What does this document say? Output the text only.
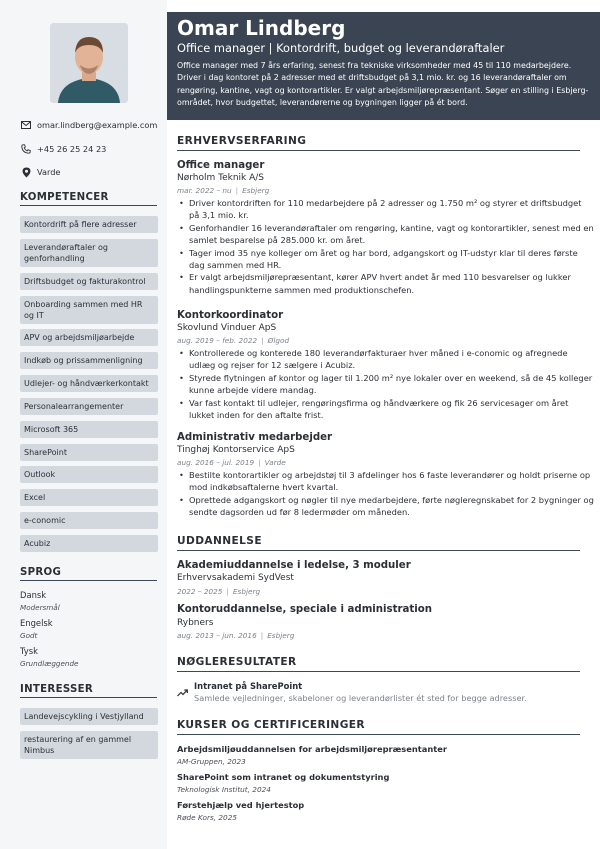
omar.lindberg@example.com
+45 26 25 24 23
Varde
KOMPETENCER
Kontordrift på flere adresser
Leverandøraftaler og genforhandling
Driftsbudget og fakturakontrol
Onboarding sammen med HR og IT
APV og arbejdsmiljøarbejde
Indkøb og prissammenligning
Udlejer- og håndværkerkontakt
Personalearrangementer
Microsoft 365
SharePoint
Outlook
Excel
e-conomic
Acubiz
SPROG
Dansk
Modersmål
Engelsk
Godt
Tysk
Grundlæggende
INTERESSER
Landevejscykling i Vestjylland
restaurering af en gammel Nimbus
Omar Lindberg
Office manager | Kontordrift, budget og leverandøraftaler
Office manager med 7 års erfaring, senest fra tekniske virksomheder med 45 til 110 medarbejdere. Driver i dag kontoret på 2 adresser med et driftsbudget på 3,1 mio. kr. og 16 leverandøraftaler om rengøring, kantine, vagt og kontorartikler. Er valgt arbejdsmiljørepræsentant. Søger en stilling i Esbjerg-området, hvor budgettet, leverandørerne og bygningen ligger på ét bord.
ERHVERVSERFARING
Office manager
Nørholm Teknik A/S
mar. 2022 – nu | Esbjerg
• Driver kontordriften for 110 medarbejdere på 2 adresser og 1.750 m² og styrer et driftsbudget på 3,1 mio. kr.
• Genforhandler 16 leverandøraftaler om rengøring, kantine, vagt og kontorartikler, senest med en samlet besparelse på 285.000 kr. om året.
• Tager imod 35 nye kolleger om året og har bord, adgangskort og IT-udstyr klar til deres første dag sammen med HR.
• Er valgt arbejdsmiljørepræsentant, kører APV hvert andet år med 110 besvarelser og lukker handlingspunkterne sammen med produktionschefen.
Kontorkoordinator
Skovlund Vinduer ApS
aug. 2019 – feb. 2022 | Ølgod
• Kontrollerede og konterede 180 leverandørfakturaer hver måned i e-conomic og afregnede udlæg og rejser for 12 sælgere i Acubiz.
• Styrede flytningen af kontor og lager til 1.200 m² nye lokaler over en weekend, så de 45 kolleger kunne arbejde videre mandag.
• Var fast kontakt til udlejer, rengøringsfirma og håndværkere og fik 26 servicesager om året lukket inden for den aftalte frist.
Administrativ medarbejder
Tinghøj Kontorservice ApS
aug. 2016 – jul. 2019 | Varde
• Bestilte kontorartikler og arbejdstøj til 3 afdelinger hos 6 faste leverandører og holdt priserne op mod indkøbsaftalerne hvert kvartal.
• Oprettede adgangskort og nøgler til nye medarbejdere, førte nøgleregnskabet for 2 bygninger og sendte dagsorden ud før 8 ledermøder om måneden.
UDDANNELSE
Akademiuddannelse i ledelse, 3 moduler
Erhvervsakademi SydVest
2022 – 2025 | Esbjerg
Kontoruddannelse, speciale i administration
Rybners
aug. 2013 – jun. 2016 | Esbjerg
NØGLERESULTATER
Intranet på SharePoint
Samlede vejledninger, skabeloner og leverandørlister ét sted for begge adresser.
KURSER OG CERTIFICERINGER
Arbejdsmiljøuddannelsen for arbejdsmiljørepræsentanter
AM-Gruppen, 2023
SharePoint som intranet og dokumentstyring
Teknologisk Institut, 2024
Førstehjælp ved hjertestop
Røde Kors, 2025
